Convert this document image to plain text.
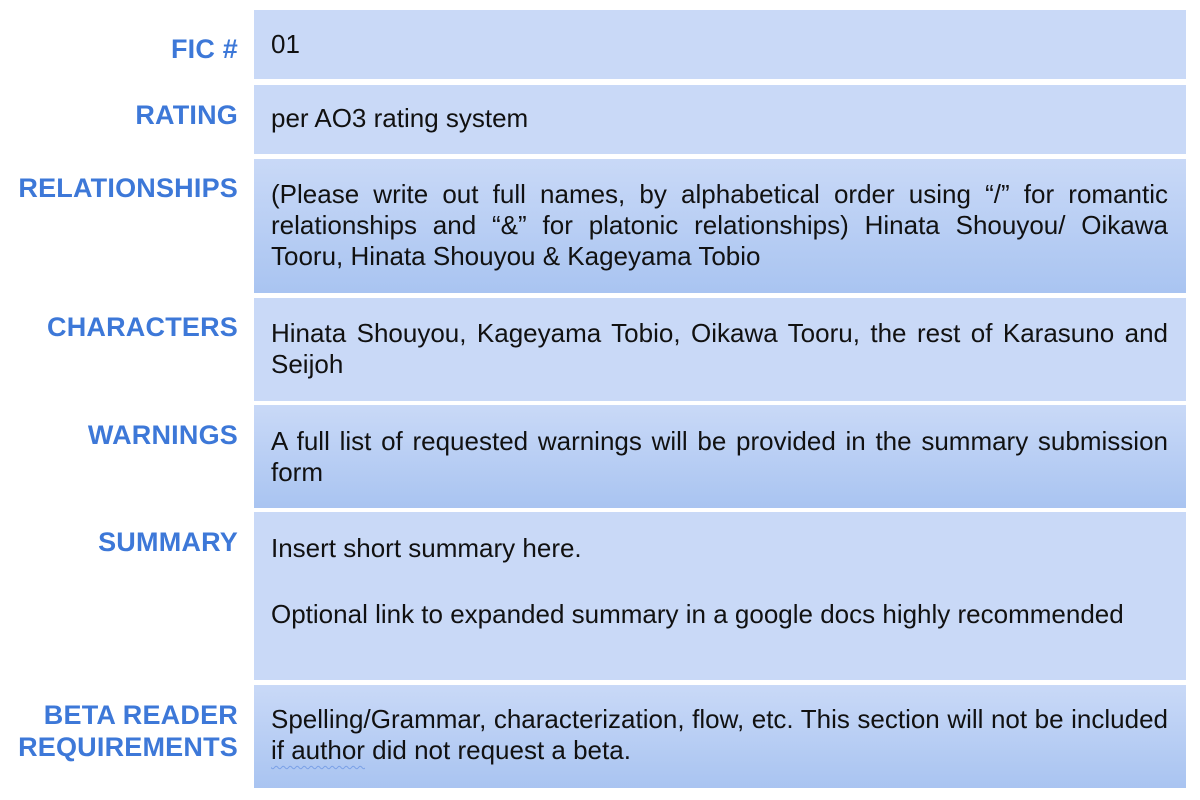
FIC # 01
RATING per AO3 rating system
RELATIONSHIPS (Please write out full names, by alphabetical order using “/” for romantic relationships and “&” for platonic relationships) Hinata Shouyou/ Oikawa Tooru, Hinata Shouyou & Kageyama Tobio
CHARACTERS Hinata Shouyou, Kageyama Tobio, Oikawa Tooru, the rest of Karasuno and Seijoh
WARNINGS A full list of requested warnings will be provided in the summary submission form
SUMMARY Insert short summary here.
Optional link to expanded summary in a google docs highly recommended
BETA READER
REQUIREMENTS
Spelling/Grammar, characterization, flow, etc. This section will not be included if author did not request a beta.
